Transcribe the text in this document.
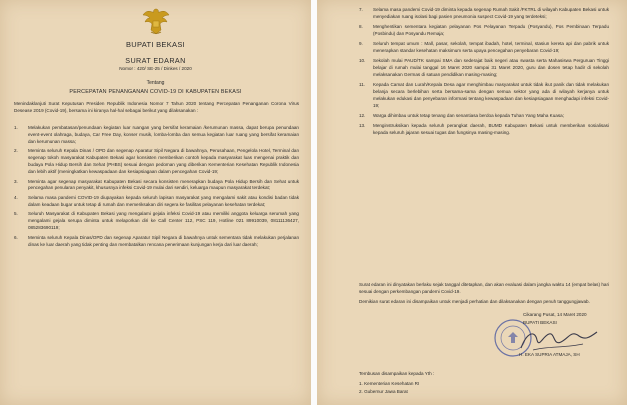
BUPATI BEKASI
SURAT EDARAN
Nomor : 420/ SE-25 / Dinkes / 2020
Tentang
PERCEPATAN PENANGANAN COVID-19 DI KABUPATEN BEKASI
Menindaklanjuti Surat Keputusan Presiden Republik Indonesia Nomor 7 Tahun 2020 tentang Percepatan Penanganan Corona Virus Desease 2019 (Covid-19), bersama ini kiranya hal-hal sebagai berikut yang dilaksanakan :
1. Melakukan pembatasan/penundaan kegiatan luar ruangan yang bersifat keramaian /kerumunan massa, dapat berupa penundaan event-event olahraga, budaya, Car Free Day, konser musik, lomba-lomba dan semua kegiatan luar ruang yang bersifat keramaian dan kerumunan massa;
2. Meminta seluruh Kepala Dinas / OPD dan segenap Aparatur Sipil Negara di bawahnya, Perusahaan, Pengelola Hotel, Terminal dan segenap tokoh masyarakat Kabupaten Bekasi agar konsisten memberikan contoh kepada masyarakat luas mengenai praktik dan budaya Pola Hidup Bersih dan Sehat (PHBS) sesuai dengan pedoman yang diberikan Kementerian Kesehatan Republik Indonesia dan lebih aktif (meningkatkan kewaspadaan dan kesiapsiagaan dalam pencegahan Covid-19;
3. Meminta agar segenap masyarakat Kabupaten Bekasi secara konsisten menerapkan budaya Pola Hidup Bersih dan Sehat untuk pencegahan penularan penyakit, khususnya infeksi Covid-19 mulai dari sendiri, keluarga maupun masyarakat terdekat;
4. Selama masa pandemi COVID-19 diupayakan kepada seluruh lapisan masyarakat yang mengalami sakit atau kondisi badan tidak dalam keadaan bugar untuk tetap di rumah dan memeriksakan diri segera ke fasilitas pelayanan kesehatan terdekat;
5. Seluruh Masyarakat di Kabupaten Bekasi yang mengalami gejala infeksi Covid-19 atau memiliki anggota keluarga serumah yang mengalami gejala serupa diminta untuk melaporkan diri ke Call Center 112, PSC 119, Hotline 021 89910039, 08111136427, 085283690119;
6. Meminta seluruh Kepala Dinas/OPD dan segenap Aparatur Sipil Negara di bawahnya untuk sementara tidak melakukan perjalanan dinas ke luar daerah yang tidak penting dan membatalkan rencana penerimaan kunjungan kerja dari luar daerah;
7. Selama masa pandemi Covid-19 diminta kepada segenap Rumah Sakit /FKTRL di wilayah Kabupaten Bekasi untuk menyediakan ruang isolasi bagi pasien pneumonia suspect Covid-19 yang terdeteksi;
8. Menghentikan sementara kegiatan pelayanan Pos Pelayanan Terpadu (Posyandu), Pos Pembinaan Terpadu (Posbindu) dan Posyandu Remaja;
9. Seluruh tempat umum : Mall, pasar, sekolah, tempat ibadah, hotel, terminal, stasiun kereta api dan pabrik untuk menerapkan standar kesehatan maksimum serta upaya pencegahan penyebaran Covid-19;
10. Sekolah mulai PAUD/TK sampai SMA dan sederajat baik negeri atau swasta serta Mahasiswa Perguruan Tinggi belajar di rumah mulai tanggal 16 Maret 2020 sampai 31 Maret 2020, guru dan dosen tetap hadir di sekolah melaksanakan Germas di satuan pendidikan masing-masing;
11. Kepada Camat dan Lurah/Kepala Desa agar menghimbau masyarakat untuk tidak ikut panik dan tidak melakukan belanja secara berlebihan serta bersama-sama dengan semua sektor yang ada di wilayah kerjanya untuk melakukan edukasi dan penyebaran informasi tentang kewaspadaan dan kesiapsiagaan menghadapi infeksi Covid-19;
12. Warga dihimbau untuk tetap tenang dan senantiasa berdoa kepada Tuhan Yang Maha Kuasa;
13. Menginstruksikan kepada seluruh perangkat daerah, BUMD Kabupaten Bekasi untuk memberikan sosialisasi kepada seluruh jajaran sesuai tugas dan fungsinya masing-masing.

Surat edaran ini dinyatakan berlaku sejak tanggal ditetapkan, dan akan evaluasi dalam jangka waktu 14 (empat belas) hari sesuai dengan perkembangan pandemi Covid-19.

Demikian surat edaran ini disampaikan untuk menjadi perhatian dan dilaksanakan dengan penuh tanggungjawab.

Cikarang Pusat, 14 Maret 2020
BUPATI BEKASI
H. EKA SUPRIA ATMAJA, SH
Tembusan disampaikan kepada Yth :
1. Kementerian Kesehatan RI
2. Gubernur Jawa Barat
